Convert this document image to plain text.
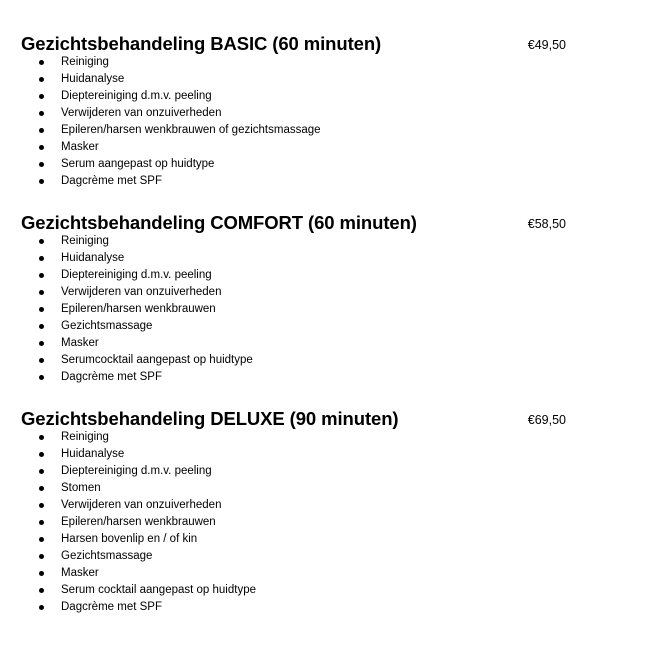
Gezichtsbehandeling BASIC (60 minuten)	€49,50
Reiniging
Huidanalyse
Dieptereiniging d.m.v. peeling
Verwijderen van onzuiverheden
Epileren/harsen wenkbrauwen of gezichtsmassage
Masker
Serum aangepast op huidtype
Dagcrème met SPF
Gezichtsbehandeling COMFORT (60 minuten)	€58,50
Reiniging
Huidanalyse
Dieptereiniging d.m.v. peeling
Verwijderen van onzuiverheden
Epileren/harsen wenkbrauwen
Gezichtsmassage
Masker
Serumcocktail aangepast op huidtype
Dagcrème met SPF
Gezichtsbehandeling DELUXE (90 minuten)	€69,50
Reiniging
Huidanalyse
Dieptereiniging d.m.v. peeling
Stomen
Verwijderen van onzuiverheden
Epileren/harsen wenkbrauwen
Harsen bovenlip en / of kin
Gezichtsmassage
Masker
Serum cocktail aangepast op huidtype
Dagcrème met SPF
